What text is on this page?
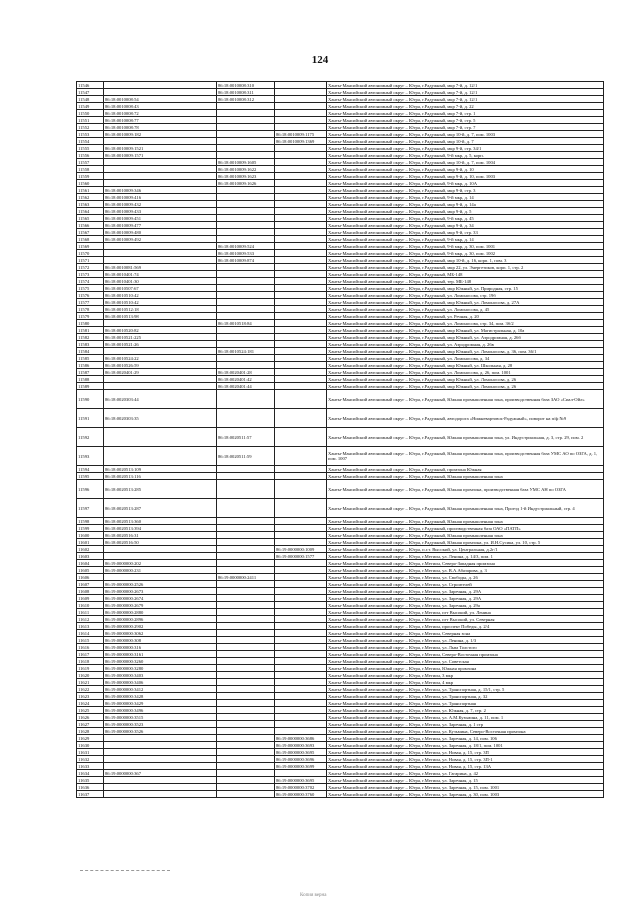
124
11546		86:18:0010008:310		Ханты-Мансийский автономный округ – Югра, г.Радужный, мкр 7-й, д. 12/1
11547		86:18:0010008:311		Ханты-Мансийский автономный округ – Югра, г.Радужный, мкр 7-й, д. 12/1
11548	86:18:0010008:54	86:18:0010008:312		Ханты-Мансийский автономный округ – Югра, г.Радужный, мкр 7-й, д. 12/1
11549	86:18:0010008:43			Ханты-Мансийский автономный округ – Югра, г.Радужный, мкр 7-й, д. 22
11550	86:18:0010008:72			Ханты-Мансийский автономный округ – Югра, г.Радужный, мкр 7-й, стр. 1
11551	86:18:0010008:77			Ханты-Мансийский автономный округ – Югра, г.Радужный, мкр 7-й, стр. 5
11552	86:18:0010008:78			Ханты-Мансийский автономный округ – Югра, г.Радужный, мкр 7-й, стр. 7
11553	86:18:0010009:182		86:18:0010009:1175	Ханты-Мансийский автономный округ – Югра, г.Радужный, мкр 10-й, д. 7, пом. 1003
11554			86:18:0010009:1369	Ханты-Мансийский автономный округ – Югра, г.Радужный, мкр 10-й, д. 7
11555	86:18:0010009:1521			Ханты-Мансийский автономный округ – Югра, г.Радужный, мкр 9-й, стр. 34/1
11556	86:18:0010009:1571			Ханты-Мансийский автономный округ – Югра, г.Радужный, 9-й мкр, д. 5, корп.
11557		86:18:0010009:1605		Ханты-Мансийский автономный округ – Югра, г.Радужный, мкр 10-й, д. 7, пом. 1004
11558		86:18:0010009:1622		Ханты-Мансийский автономный округ – Югра, г.Радужный, мкр 9-й, д. 10
11559		86:18:0010009:1623		Ханты-Мансийский автономный округ – Югра, г.Радужный, мкр 9-й, д. 10, пом. 1003
11560		86:18:0010009:1626		Ханты-Мансийский автономный округ – Югра, г.Радужный, 9-й мкр, д. 10А
11561	86:18:0010009:346			Ханты-Мансийский автономный округ – Югра, г.Радужный, мкр 9-й, стр. 3
11562	86:18:0010009:416			Ханты-Мансийский автономный округ – Югра, г.Радужный, 9-й мкр, д. 14
11563	86:18:0010009:432			Ханты-Мансийский автономный округ – Югра, г.Радужный, мкр 9-й, д. 14а
11564	86:18:0010009:433			Ханты-Мансийский автономный округ – Югра, г.Радужный, мкр 9-й, д. 5
11565	86:18:0010009:451			Ханты-Мансийский автономный округ – Югра, г.Радужный, 9-й мкр, д. 45
11566	86:18:0010009:477			Ханты-Мансийский автономный округ – Югра, г.Радужный, мкр 9-й, д. 34
11567	86:18:0010009:480			Ханты-Мансийский автономный округ – Югра, г.Радужный, мкр 9-й, стр. 33
11568	86:18:0010009:492			Ханты-Мансийский автономный округ – Югра, г.Радужный, 9-й мкр, д. 14
11569		86:18:0010009:524		Ханты-Мансийский автономный округ – Югра, г.Радужный, 9-й мкр, д. 30, пом. 1001
11570		86:18:0010009:533		Ханты-Мансийский автономный округ – Югра, г.Радужный, 9-й мкр, д. 30, пом. 1002
11571		86:18:0010009:874		Ханты-Мансийский автономный округ – Югра, г.Радужный, мкр 10-й, д. 16, корп. 1, пом. 3
11572	86:18:0010081:569			Ханты-Мансийский автономный округ – Югра, г.Радужный, мкр 22, ул. Энергетиков, корп. 1, стр. 2
11573	86:18:0010401:74			Ханты-Мансийский автономный округ – Югра, г.Радужный, МБ-148
11574	86:18:0010401:30			Ханты-Мансийский автономный округ – Югра, г.Радужный, тер. МБ-148
11575	86:18:0010507:67			Ханты-Мансийский автономный округ – Югра, г.Радужный, мкр Южный, ул. Природная, стр. 15
11576	86:18:0010510:42			Ханты-Мансийский автономный округ – Югра, г.Радужный, ул. Ломоносова, стр. 19б
11577	86:18:0010510:42			Ханты-Мансийский автономный округ – Югра, г.Радужный, мкр Южный, ул. Ломоносова, д. 27А
11578	86:18:0010512:18			Ханты-Мансийский автономный округ – Югра, г.Радужный, ул. Ломоносова, д. 45
11579	86:18:0010513:98			Ханты-Мансийский автономный округ – Югра, г.Радужный, ул. Речная, д. 20
11580		86:18:0010518:84		Ханты-Мансийский автономный округ – Югра, г.Радужный, ул. Ломоносова, стр. 34, пом. 3б/2
11581	86:18:0010520:82			Ханты-Мансийский автономный округ – Югра, г.Радужный, мкр Южный, ул. Магистральная, д. 10а
11582	86:18:0010521:225			Ханты-Мансийский автономный округ – Югра, г.Радужный, мкр Южный, ул. Аэродромная, д. 26б
11583	86:18:0010521:26			Ханты-Мансийский автономный округ – Югра, г.Радужный, ул. Аэродромная, д. 26в
11584		86:18:0010524:181		Ханты-Мансийский автономный округ – Югра, г.Радужный, мкр Южный, ул. Ломоносова, д. 36, пом. 36/1
11585	86:18:0010524:22			Ханты-Мансийский автономный округ – Югра, г.Радужный, ул. Ломоносова, д. 34
11586	86:18:0010526:59			Ханты-Мансийский автономный округ – Югра, г.Радужный, мкр Южный, ул. Школьная, д. 28
11587	86:18:0020401:29	86:18:0020401:28		Ханты-Мансийский автономный округ – Югра, г.Радужный, ул. Ломоносова, д. 26, пом. 1001
11588		86:18:0020401:42		Ханты-Мансийский автономный округ – Югра, г.Радужный, мкр Южный, ул. Ломоносова, д. 26
11589		86:18:0020401:44		Ханты-Мансийский автономный округ – Югра, г.Радужный, мкр Южный, ул. Ломоносова, д. 26
11590	86:18:0020303:44			Ханты-Мансийский автономный округ – Югра, г.Радужный, Южная промышленная зона, производственная база ЗАО «Сиал-Ойл»
11591	86:18:0020303:35			Ханты-Мансийский автономный округ – Югра, г.Радужный, автодорога «Нижневартовск-Радужный», поворот на п/ф №9
11592		86:18:0020511:57		Ханты-Мансийский автономный округ – Югра, г.Радужный, Южная промышленная зона, ул. Индустриальная, д. 3, стр. 29, пом. 2
11593		86:18:0020511:59		Ханты-Мансийский автономный округ – Югра, г.Радужный, Южная промышленная зона, производственная база УМС АО по ОЗГА, д. 1, пом. 1007
11594	86:18:0020513:109			Ханты-Мансийский автономный округ – Югра, г.Радужный, промзона Южная
11595	86:18:0020513:116			Ханты-Мансийский автономный округ – Югра, г.Радужный, Южная промышленная зона
11596	86:18:0020513:285			Ханты-Мансийский автономный округ – Югра, г.Радужный, Южная промзона, производственная база УМС АН по ОЗГА
11597	86:18:0020513:287			Ханты-Мансийский автономный округ – Югра, г.Радужный, Южная промышленная зона, Проезд 1-й Индустриальный, стр. 4
11598	86:18:0020513:360			Ханты-Мансийский автономный округ – Югра, г.Радужный, Южная промышленная зона
11599	86:18:0020513:394			Ханты-Мансийский автономный округ – Югра, г.Радужный, производственная база ОАО «ПАТП»
11600	86:18:0020516:31			Ханты-Мансийский автономный округ – Югра, г.Радужный, Южная промышленная зона
11601	86:18:0020516:50			Ханты-Мансийский автономный округ – Югра, г.Радужный, Южная промзона, ул. И.Н.Сусика, ул. 10, стр. 5
11602			86:19:0000000:1009	Ханты-Мансийский автономный округ – Югра, п.г.т. Высокий, ул. Центральная, д.2г/1
11603			86:19:0000000:1577	Ханты-Мансийский автономный округ – Югра, г.Мегион, ул. Ленина, д. 14/3, пом. 1
11604	86:19:0000000:202			Ханты-Мансийский автономный округ – Югра, г.Мегион, Северо-Западная промзона
11605	86:19:0000000:231			Ханты-Мансийский автономный округ – Югра, г.Мегион, ул. В.А.Абазарова, д. 3
11606		86:19:0000000:2411		Ханты-Мансийский автономный округ – Югра, г.Мегион, ул. Свободы, д. 26
11607	86:19:0000000:2526			Ханты-Мансийский автономный округ – Югра, г.Мегион, ул. Строителей
11608	86:19:0000000:2673			Ханты-Мансийский автономный округ – Югра, г.Мегион, ул. Заречная, д. 29А
11609	86:19:0000000:2674			Ханты-Мансийский автономный округ – Югра, г.Мегион, ул. Заречная, д. 29А
11610	86:19:0000000:2679			Ханты-Мансийский автономный округ – Югра, г.Мегион, ул. Заречная, д. 29а
11611	86:19:0000000:2880			Ханты-Мансийский автономный округ – Югра, г.Мегион, пгт Высокий, ул. Ленина
11612	86:19:0000000:2896			Ханты-Мансийский автономный округ – Югра, г.Мегион, пгт Высокий, ул. Северная
11613	86:19:0000000:2902			Ханты-Мансийский автономный округ – Югра, г.Мегион, проспект Победы, д. 2/4
11614	86:19:0000000:3062			Ханты-Мансийский автономный округ – Югра, г.Мегион, Северная зона
11615	86:19:0000000:308			Ханты-Мансийский автономный округ – Югра, г.Мегион, ул. Ленина, д. 1/3
11616	86:19:0000000:316			Ханты-Мансийский автономный округ – Югра, г.Мегион, ул. Льва Толстого
11617	86:19:0000000:3161			Ханты-Мансийский автономный округ – Югра, г.Мегион, Северо-Восточная промзона
11618	86:19:0000000:3260			Ханты-Мансийский автономный округ – Югра, г.Мегион, ул. Советская
11619	86:19:0000000:3280			Ханты-Мансийский автономный округ – Югра, г.Мегион, Южная промзона
11620	86:19:0000000:3403			Ханты-Мансийский автономный округ – Югра, г.Мегион, 3 мкр
11621	86:19:0000000:3406			Ханты-Мансийский автономный округ – Югра, г.Мегион, 4 мкр
11622	86:19:0000000:3412			Ханты-Мансийский автономный округ – Югра, г.Мегион, ул. Транспортная, д. 15/1, стр. 5
11623	86:19:0000000:3428			Ханты-Мансийский автономный округ – Югра, г.Мегион, ул. Транспортная, д. 32
11624	86:19:0000000:3429			Ханты-Мансийский автономный округ – Югра, г.Мегион, ул. Транспортная
11625	86:19:0000000:3496			Ханты-Мансийский автономный округ – Югра, г.Мегион, ул. Южная, д. 7, стр. 2
11626	86:19:0000000:3515			Ханты-Мансийский автономный округ – Югра, г.Мегион, ул. А.М.Кузьмина, д. 11, пом. 1
11627	86:19:0000000:3523			Ханты-Мансийский автономный округ – Югра, г.Мегион, ул. Заречная, д. 1 стр
11628	86:19:0000000:3526			Ханты-Мансийский автономный округ – Югра, г.Мегион, ул. Кузьмина, Северо-Восточная промзона
11629			86:19:0000000:3686	Ханты-Мансийский автономный округ – Югра, г.Мегион, ул. Заречная, д. 14, пом. 106
11630			86:19:0000000:3693	Ханты-Мансийский автономный округ – Югра, г.Мегион, ул. Заречная, д. 18/1, пом. 1001
11631			86:19:0000000:3695	Ханты-Мансийский автономный округ – Югра, г.Мегион, ул. Новая, д. 15, стр. 3П
11632			86:19:0000000:3696	Ханты-Мансийский автономный округ – Югра, г.Мегион, ул. Новая, д. 15, стр. 3П-1
11633			86:19:0000000:3699	Ханты-Мансийский автономный округ – Югра, г.Мегион, ул. Новая, д. 15, стр. 13А
11634	86:19:0000000:367			Ханты-Мансийский автономный округ – Югра, г.Мегион, ул. Гагарина, д. 42
11635			86:19:0000000:3695	Ханты-Мансийский автономный округ – Югра, г.Мегион, ул. Заречная, д. 15
11636			86:19:0000000:3702	Ханты-Мансийский автономный округ – Югра, г.Мегион, ул. Заречная, д. 15, пом. 1001
11637			86:19:0000000:3760	Ханты-Мансийский автономный округ – Югра, г.Мегион, ул. Заречная, д. 30, пом. 1003
Копия верна
